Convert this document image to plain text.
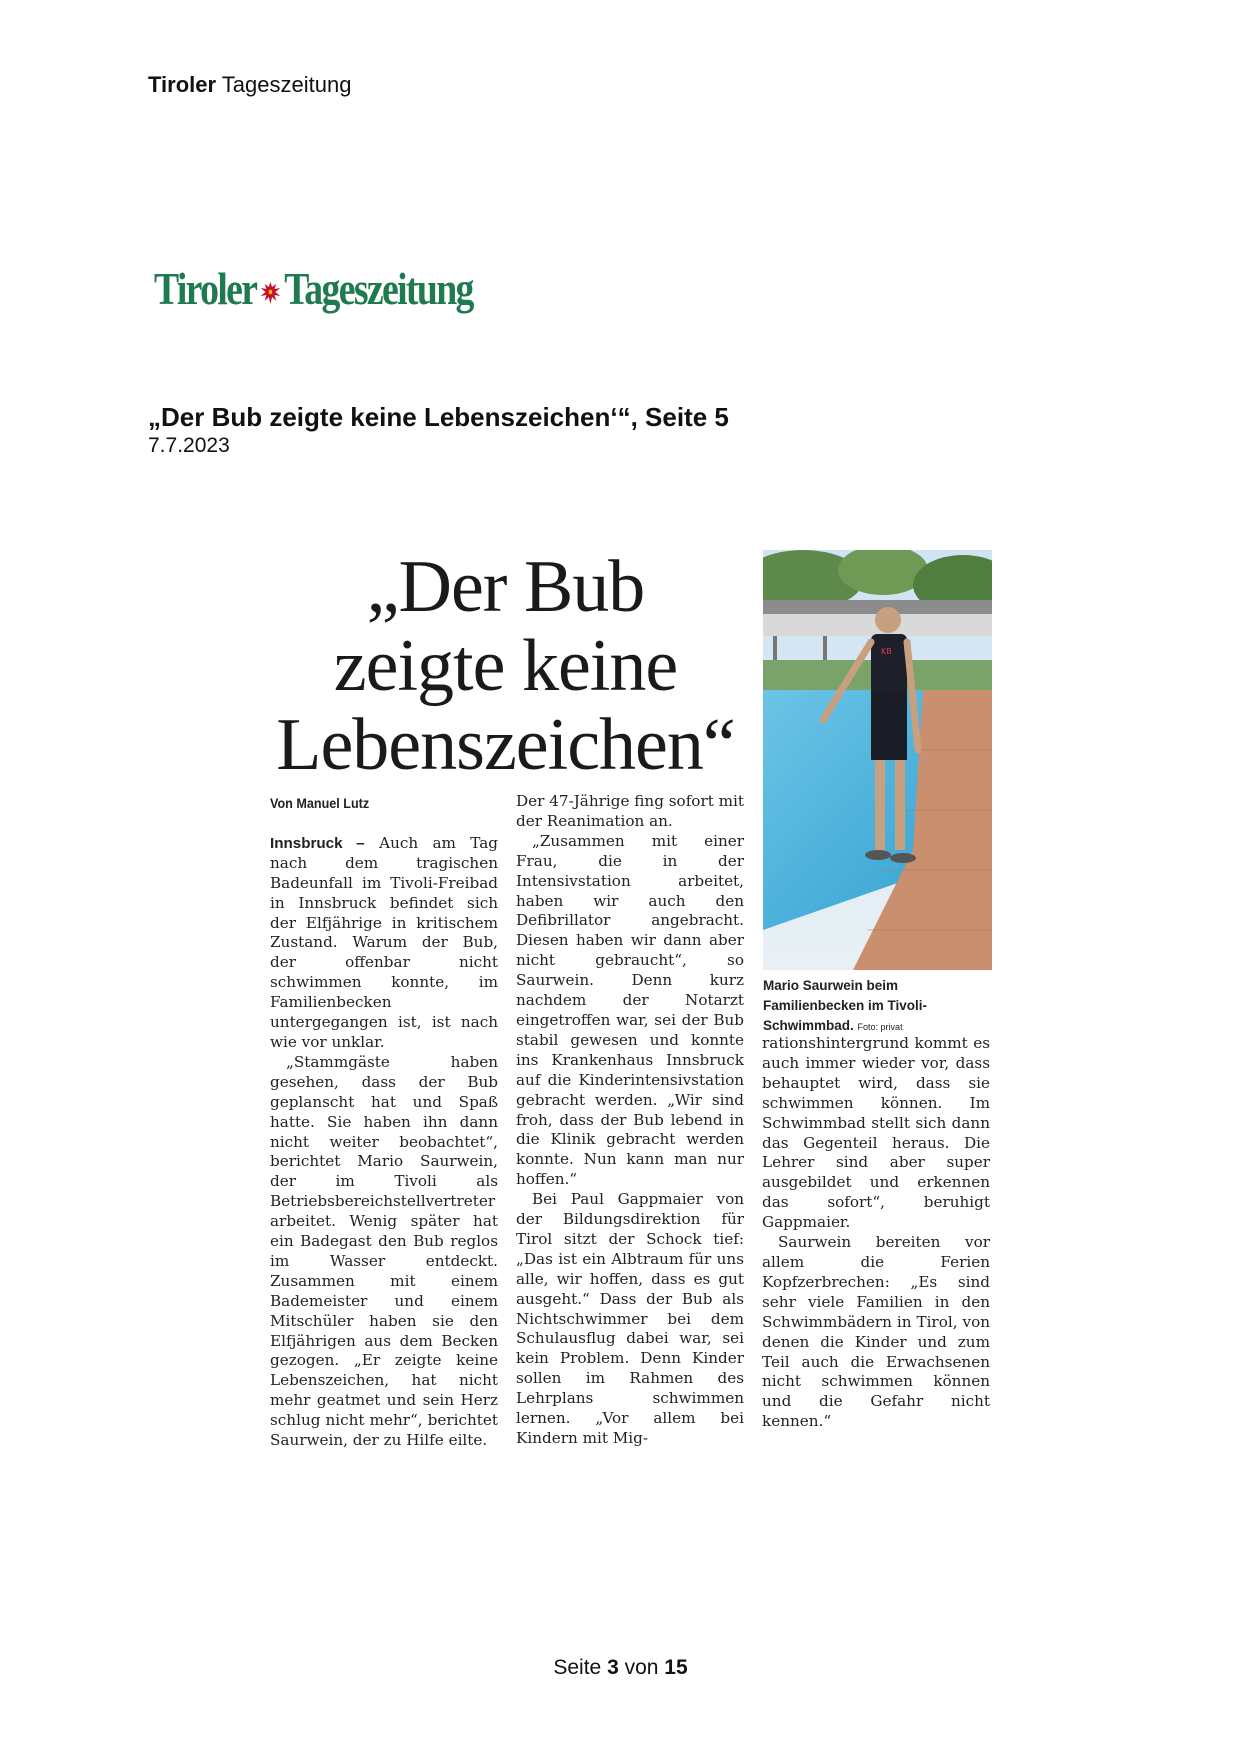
Tiroler Tageszeitung
Tiroler Tageszeitung
„Der Bub zeigte keine Lebenszeichen‘“, Seite 5
7.7.2023
„Der Bub
zeigte keine
Lebenszeichen“
Von Manuel Lutz

Innsbruck – Auch am Tag nach dem tragischen Badeunfall im Tivoli-Freibad in Innsbruck befindet sich der Elfjährige in kritischem Zustand. Warum der Bub, der offenbar nicht schwimmen konnte, im Familienbecken untergegangen ist, ist nach wie vor unklar.

„Stammgäste haben gesehen, dass der Bub geplanscht hat und Spaß hatte. Sie haben ihn dann nicht weiter beobachtet“, berichtet Mario Saurwein, der im Tivoli als Betriebsbereichstellvertreter arbeitet. Wenig später hat ein Badegast den Bub reglos im Wasser entdeckt. Zusammen mit einem Bademeister und einem Mitschüler haben sie den Elfjährigen aus dem Becken gezogen. „Er zeigte keine Lebenszeichen, hat nicht mehr geatmet und sein Herz schlug nicht mehr“, berichtet Saurwein, der zu Hilfe eilte.

Der 47-Jährige fing sofort mit der Reanimation an.

„Zusammen mit einer Frau, die in der Intensivstation arbeitet, haben wir auch den Defibrillator angebracht. Diesen haben wir dann aber nicht gebraucht“, so Saurwein. Denn kurz nachdem der Notarzt eingetroffen war, sei der Bub stabil gewesen und konnte ins Krankenhaus Innsbruck auf die Kinderintensivstation gebracht werden. „Wir sind froh, dass der Bub lebend in die Klinik gebracht werden konnte. Nun kann man nur hoffen.“

Bei Paul Gappmaier von der Bildungsdirektion für Tirol sitzt der Schock tief: „Das ist ein Albtraum für uns alle, wir hoffen, dass es gut ausgeht.“ Dass der Bub als Nichtschwimmer bei dem Schulausflug dabei war, sei kein Problem. Denn Kinder sollen im Rahmen des Lehrplans schwimmen lernen. „Vor allem bei Kindern mit Mig-

KB
Mario Saurwein beim Familienbecken im Tivoli-Schwimmbad. Foto: privat

rationshintergrund kommt es auch immer wieder vor, dass behauptet wird, dass sie schwimmen können. Im Schwimmbad stellt sich dann das Gegenteil heraus. Die Lehrer sind aber super ausgebildet und erkennen das sofort“, beruhigt Gappmaier.

Saurwein bereiten vor allem die Ferien Kopfzerbrechen: „Es sind sehr viele Familien in den Schwimmbädern in Tirol, von denen die Kinder und zum Teil auch die Erwachsenen nicht schwimmen können und die Gefahr nicht kennen.“

Seite 3 von 15
